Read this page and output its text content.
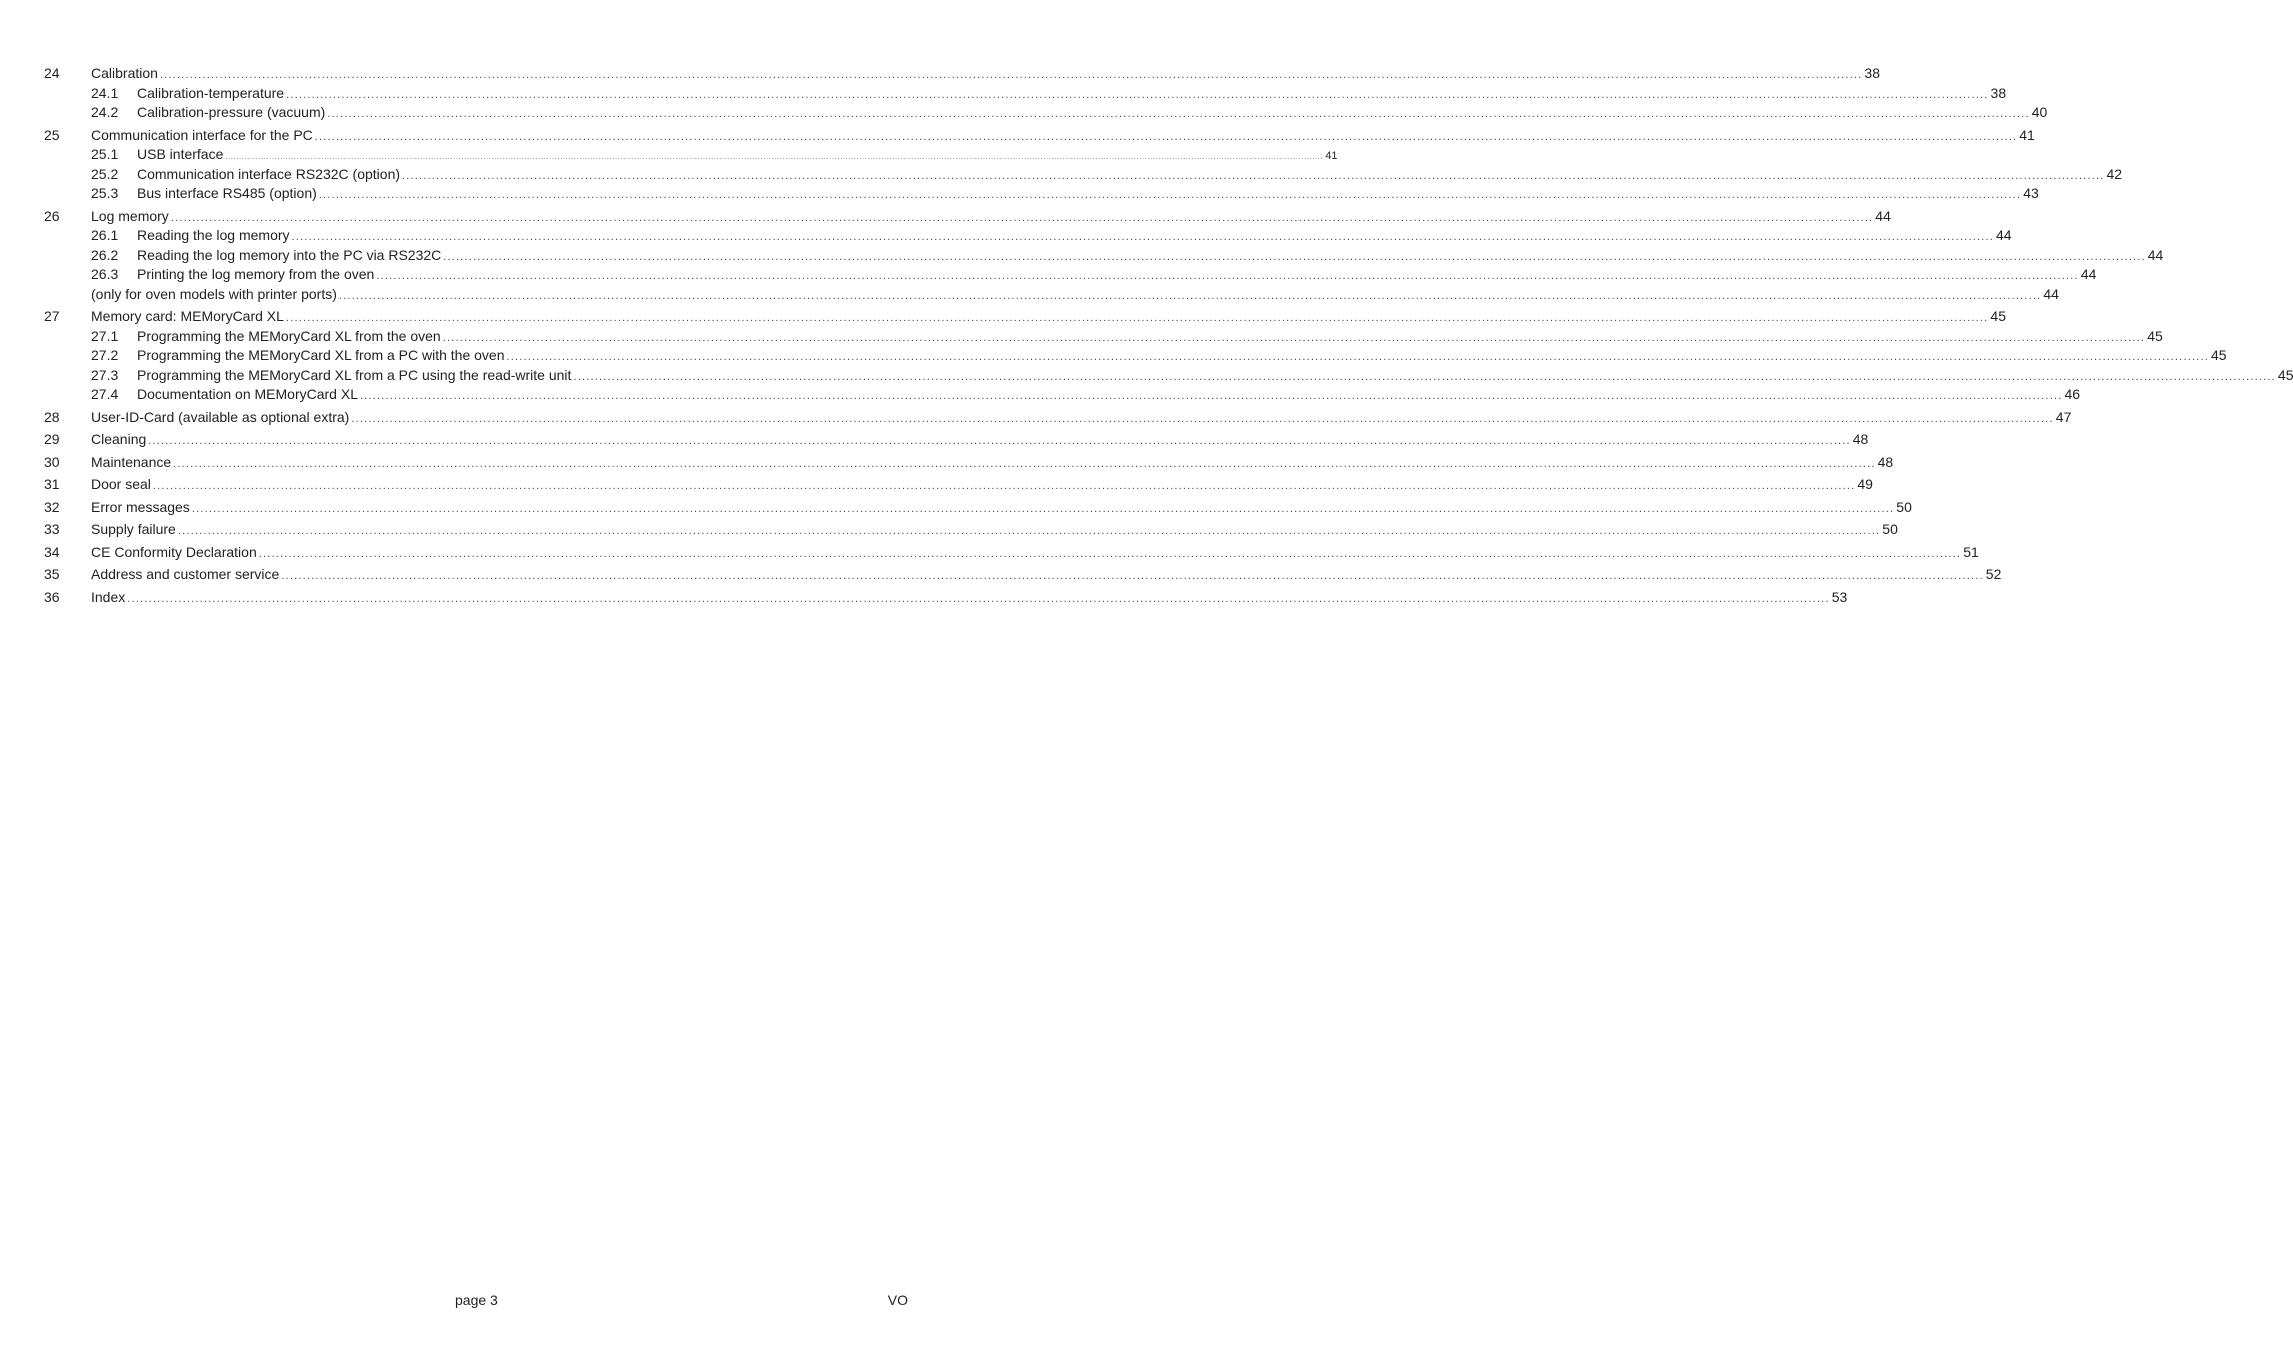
24 Calibration ................................................................................................................................................................................................................................................................................................................................................................................................................ 38
24.1	Calibration-temperature ................................................................................................................................................................................................................................................................................................................................................................................................................ 38
24.2	Calibration-pressure (vacuum) ................................................................................................................................................................................................................................................................................................................................................................................................................ 40
25 Communication interface for the PC ................................................................................................................................................................................................................................................................................................................................................................................................................ 41
25.1	USB interface ................................................................................................................................................................................................................................................................................................................................................................................................................ 41
25.2	Communication interface RS232C (option) ................................................................................................................................................................................................................................................................................................................................................................................................................ 42
25.3	Bus interface RS485 (option) ................................................................................................................................................................................................................................................................................................................................................................................................................ 43
26 Log memory ................................................................................................................................................................................................................................................................................................................................................................................................................ 44
26.1	Reading the log memory ................................................................................................................................................................................................................................................................................................................................................................................................................ 44
26.2	Reading the log memory into the PC via RS232C ................................................................................................................................................................................................................................................................................................................................................................................................................ 44
26.3	Printing the log memory from the oven ................................................................................................................................................................................................................................................................................................................................................................................................................ 44
(only for oven models with printer ports) ................................................................................................................................................................................................................................................................................................................................................................................................................ 44
27 Memory card: MEMoryCard XL ................................................................................................................................................................................................................................................................................................................................................................................................................ 45
27.1	Programming the MEMoryCard XL from the oven ................................................................................................................................................................................................................................................................................................................................................................................................................ 45
27.2	Programming the MEMoryCard XL from a PC with the oven ................................................................................................................................................................................................................................................................................................................................................................................................................ 45
27.3	Programming the MEMoryCard XL from a PC using the read-write unit ................................................................................................................................................................................................................................................................................................................................................................................................................ 45
27.4	Documentation on MEMoryCard XL ................................................................................................................................................................................................................................................................................................................................................................................................................ 46
28 User-ID-Card (available as optional extra) ................................................................................................................................................................................................................................................................................................................................................................................................................ 47
29 Cleaning ................................................................................................................................................................................................................................................................................................................................................................................................................ 48
30 Maintenance ................................................................................................................................................................................................................................................................................................................................................................................................................ 48
31 Door seal ................................................................................................................................................................................................................................................................................................................................................................................................................ 49
32 Error messages ................................................................................................................................................................................................................................................................................................................................................................................................................ 50
33 Supply failure ................................................................................................................................................................................................................................................................................................................................................................................................................ 50
34 CE Conformity Declaration ................................................................................................................................................................................................................................................................................................................................................................................................................ 51
35 Address and customer service ................................................................................................................................................................................................................................................................................................................................................................................................................ 52
36 Index ................................................................................................................................................................................................................................................................................................................................................................................................................ 53
page 3	VO
